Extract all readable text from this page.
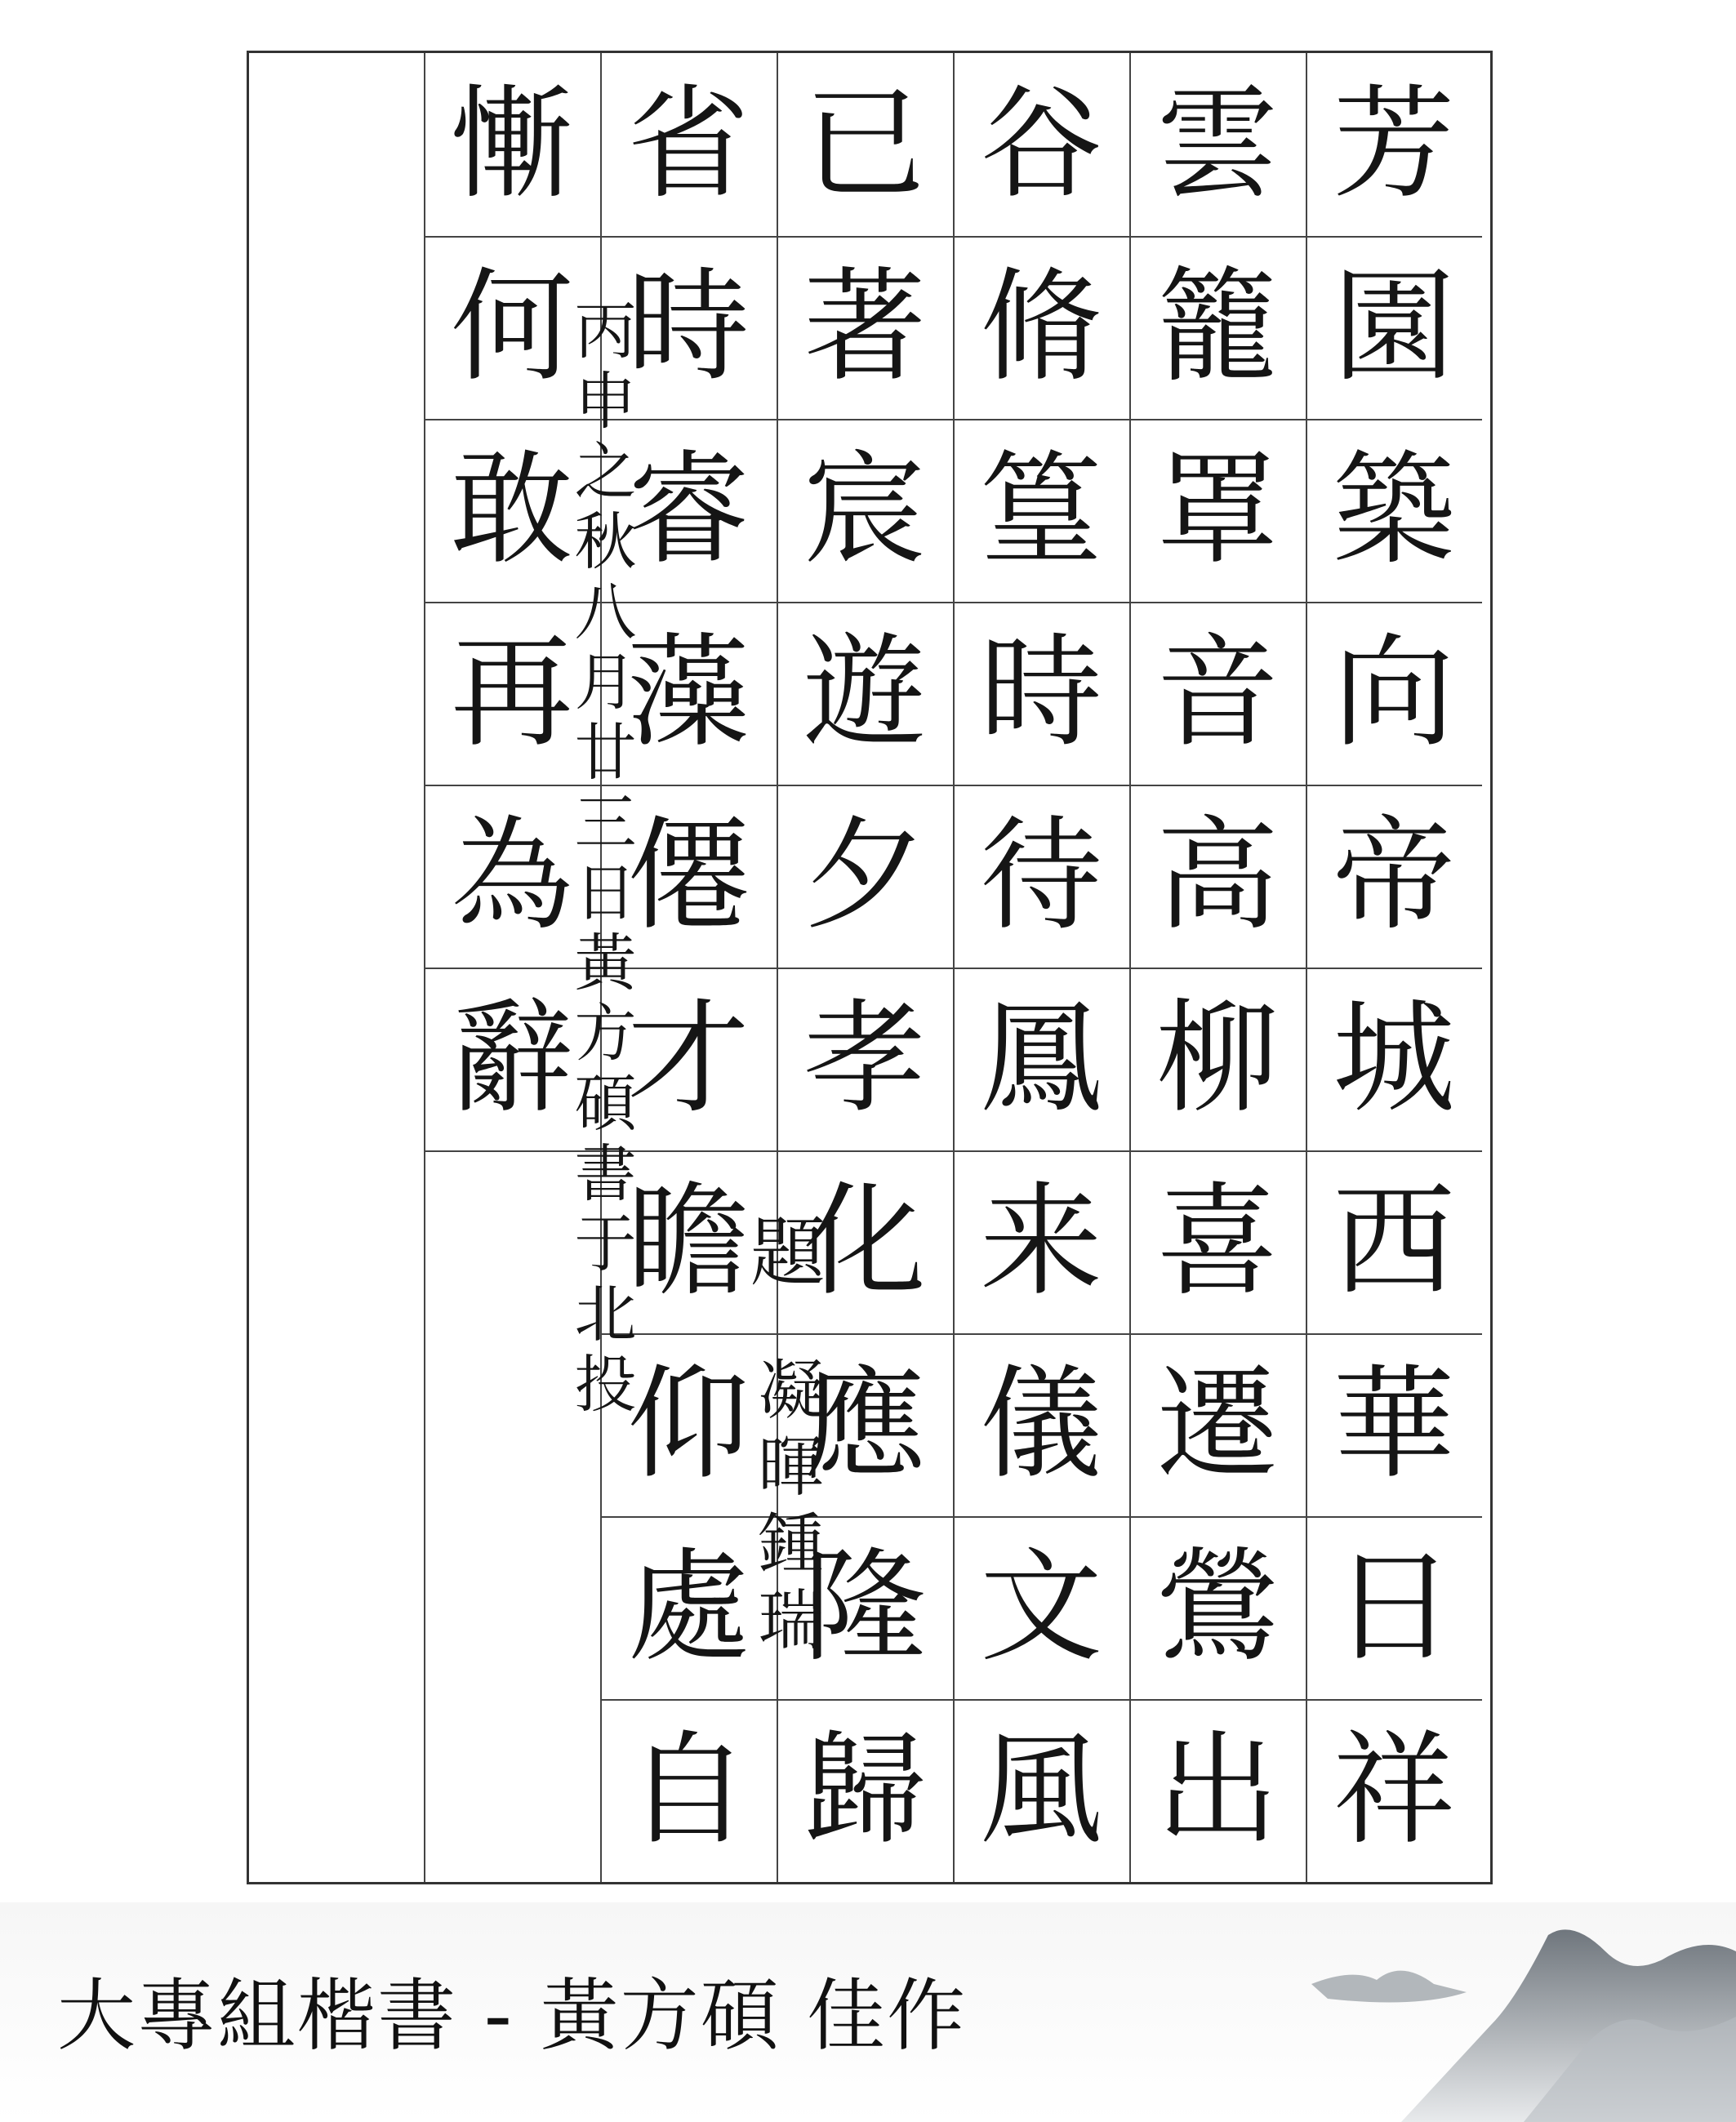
芳
園
築
向
帝
城
西
華
日
祥
雲
籠
罩
音
高
柳
喜
遷
鶯
出
谷
脩
篁
時
待
鳳
来
儀
文
風
已
著
宸
遊
夕
孝
化
應
隆
歸
省
時
睿
藻
僊
才
瞻
仰
處
自
慚
何
敢
再
為
辭
丙申之秋八月廿三日黃方碩書于北投	題
凝暉鍾瑞
大專組楷書 - 黃方碩 佳作
